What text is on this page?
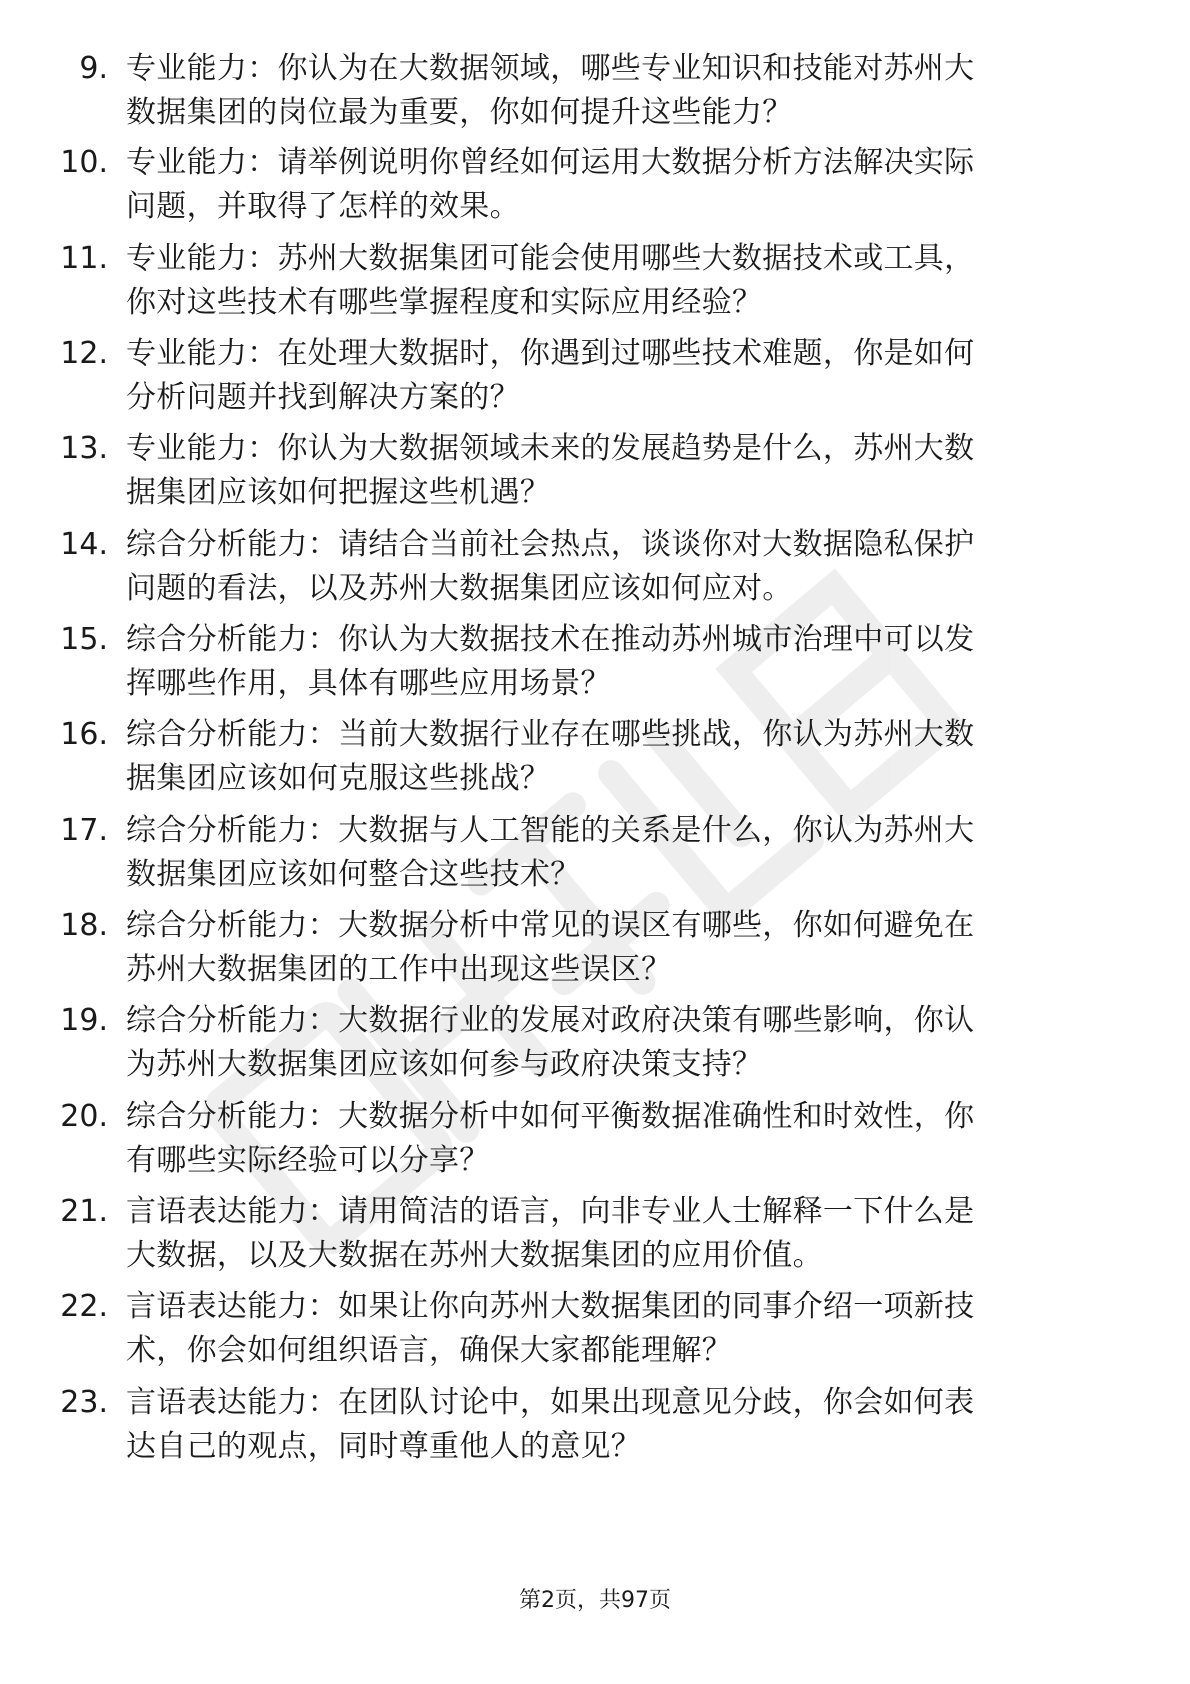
9. 专业能力：你认为在大数据领域，哪些专业知识和技能对苏州大
数据集团的岗位最为重要，你如何提升这些能力？
10. 专业能力：请举例说明你曾经如何运用大数据分析方法解决实际
问题，并取得了怎样的效果。
11. 专业能力：苏州大数据集团可能会使用哪些大数据技术或工具，
你对这些技术有哪些掌握程度和实际应用经验？
12. 专业能力：在处理大数据时，你遇到过哪些技术难题，你是如何
分析问题并找到解决方案的？
13. 专业能力：你认为大数据领域未来的发展趋势是什么，苏州大数
据集团应该如何把握这些机遇？
14. 综合分析能力：请结合当前社会热点，谈谈你对大数据隐私保护
问题的看法，以及苏州大数据集团应该如何应对。
15. 综合分析能力：你认为大数据技术在推动苏州城市治理中可以发
挥哪些作用，具体有哪些应用场景？
16. 综合分析能力：当前大数据行业存在哪些挑战，你认为苏州大数
据集团应该如何克服这些挑战？
17. 综合分析能力：大数据与人工智能的关系是什么，你认为苏州大
数据集团应该如何整合这些技术？
18. 综合分析能力：大数据分析中常见的误区有哪些，你如何避免在
苏州大数据集团的工作中出现这些误区？
19. 综合分析能力：大数据行业的发展对政府决策有哪些影响，你认
为苏州大数据集团应该如何参与政府决策支持？
20. 综合分析能力：大数据分析中如何平衡数据准确性和时效性，你
有哪些实际经验可以分享？
21. 言语表达能力：请用简洁的语言，向非专业人士解释一下什么是
大数据，以及大数据在苏州大数据集团的应用价值。
22. 言语表达能力：如果让你向苏州大数据集团的同事介绍一项新技
术，你会如何组织语言，确保大家都能理解？
23. 言语表达能力：在团队讨论中，如果出现意见分歧，你会如何表
达自己的观点，同时尊重他人的意见？
第2页，共97页
